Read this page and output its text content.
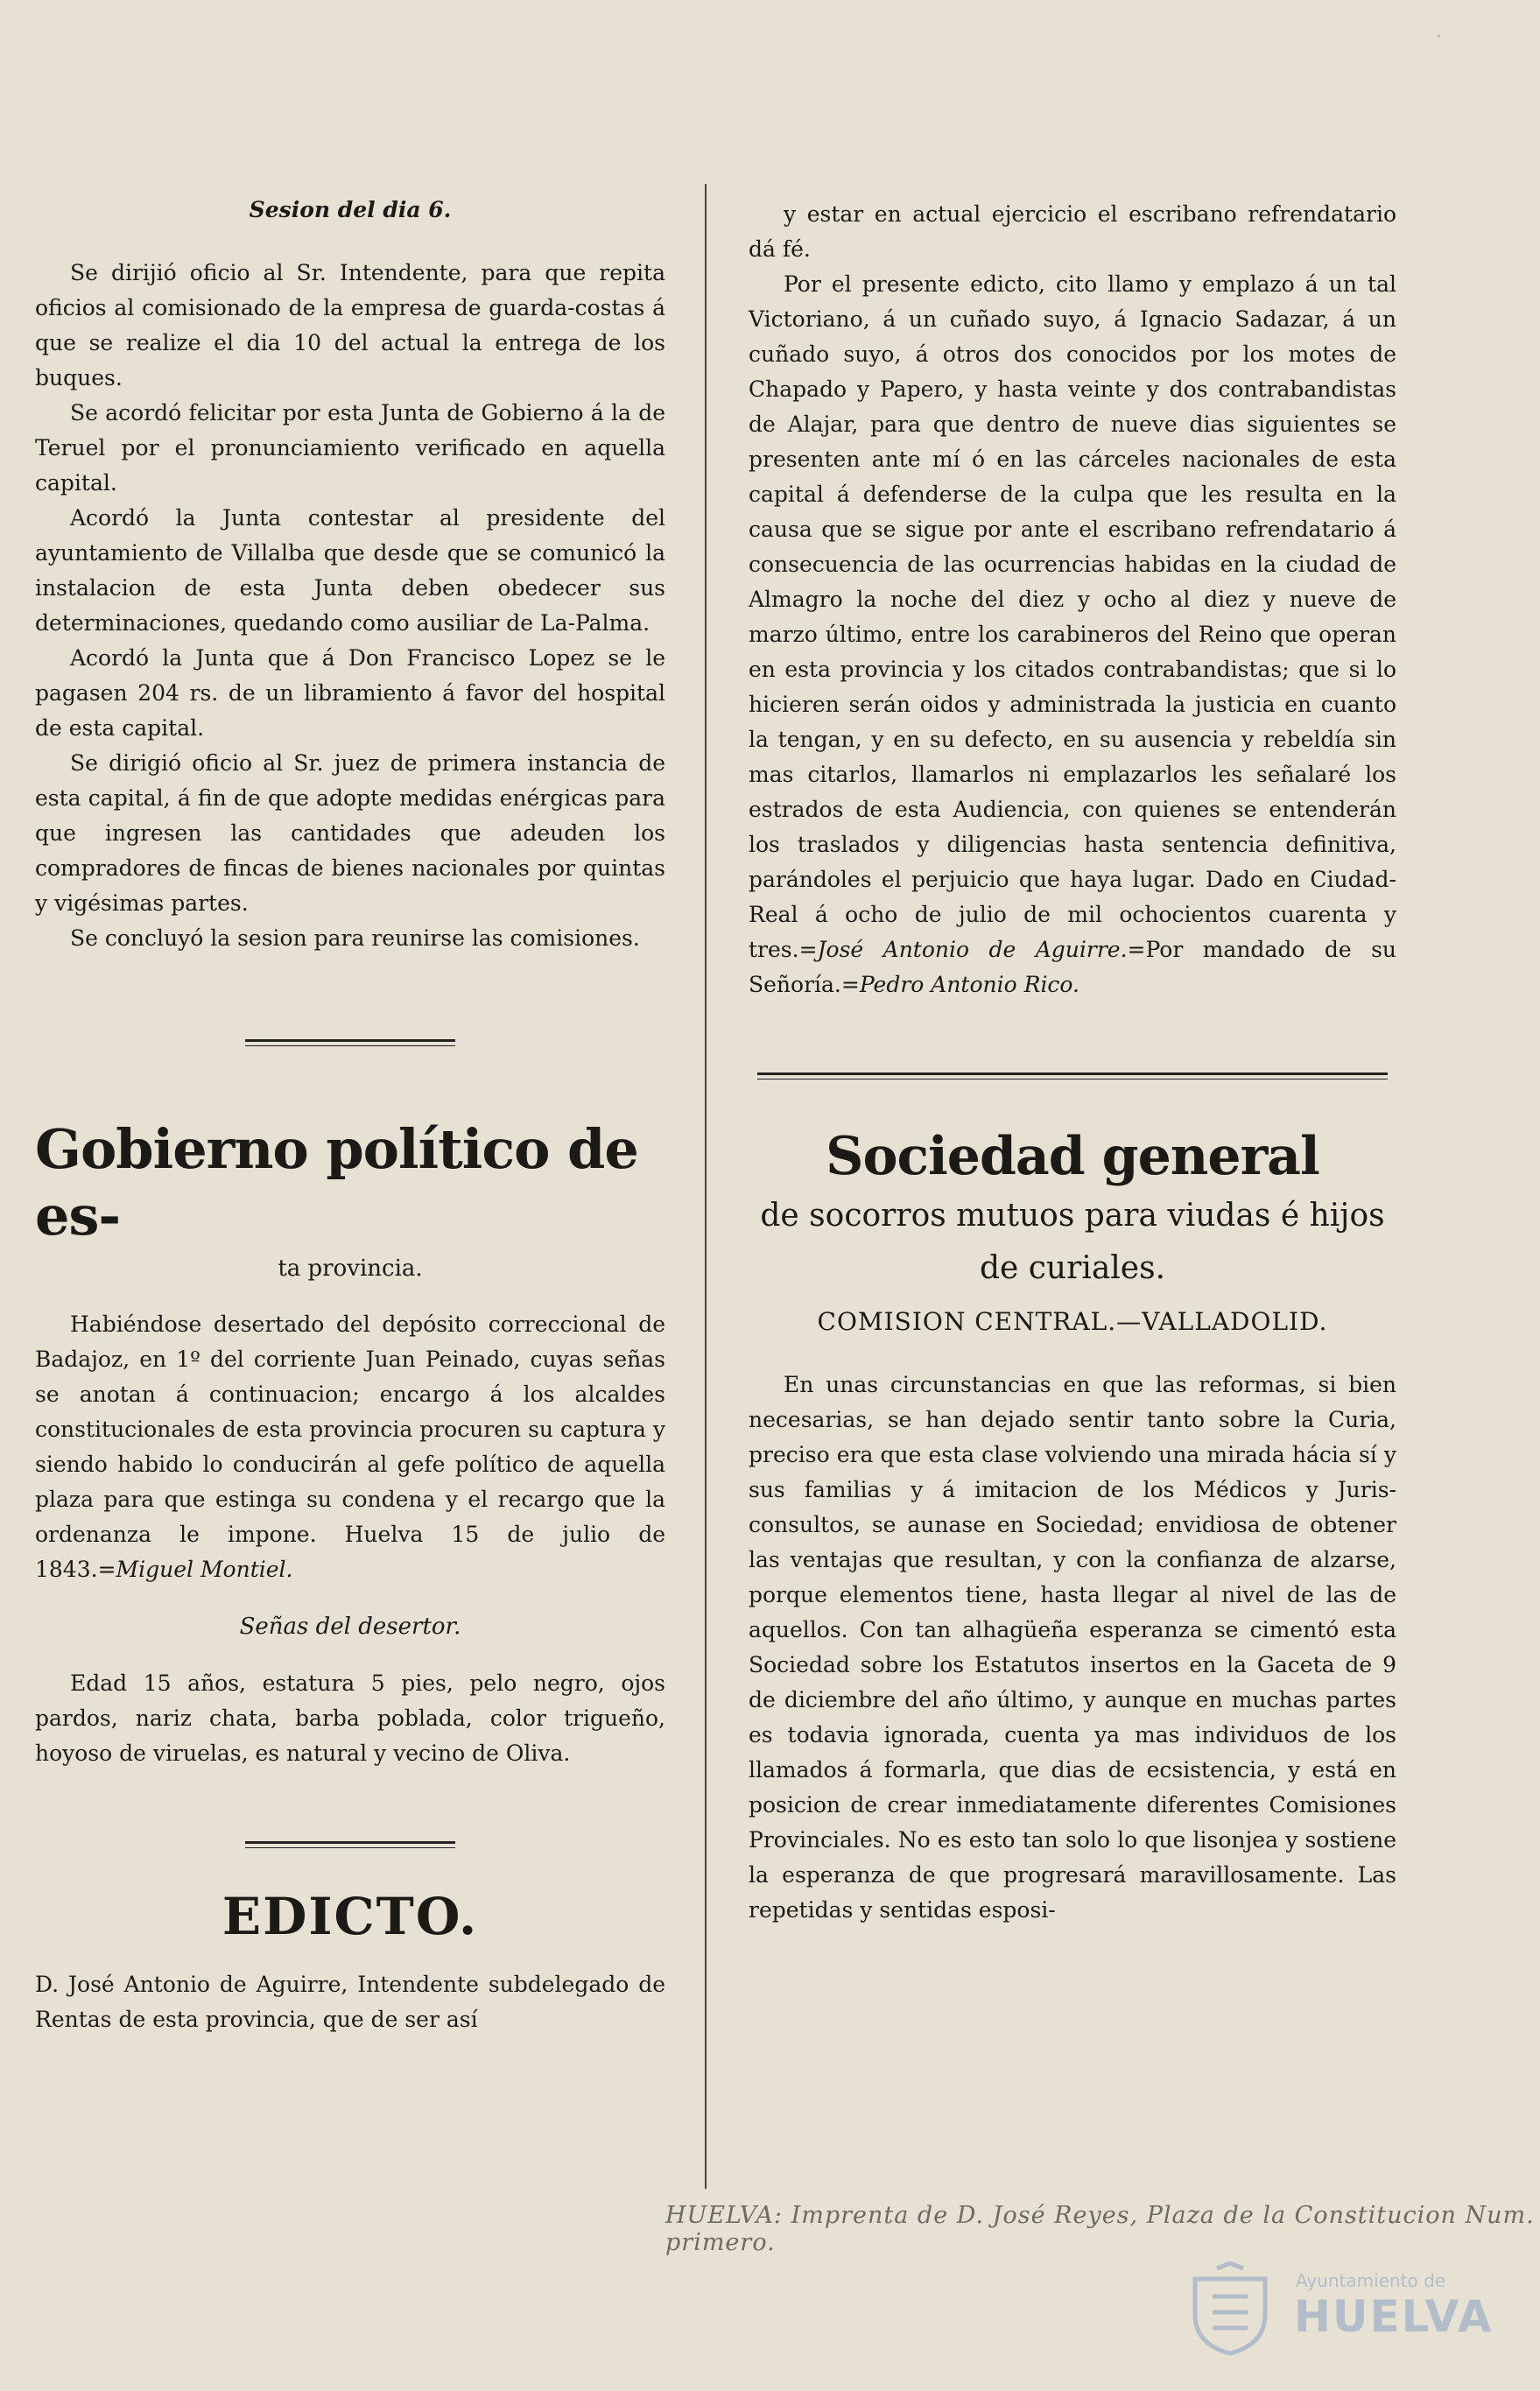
·
Sesion del dia 6.

Se dirijió oficio al Sr. Intendente, para que repita oficios al comisionado de la empresa de guarda-costas á que se realize el dia 10 del actual la entrega de los buques.

Se acordó felicitar por esta Junta de Gobierno á la de Teruel por el pronunciamiento verificado en aquella capital.

Acordó la Junta contestar al presidente del ayuntamiento de Villalba que desde que se comunicó la instalacion de esta Junta deben obedecer sus determinaciones, quedando como ausiliar de La-Palma.

Acordó la Junta que á Don Francisco Lopez se le pagasen 204 rs. de un libramiento á favor del hospital de esta capital.

Se dirigió oficio al Sr. juez de primera instancia de esta capital, á fin de que adopte medidas enérgicas para que ingresen las cantidades que adeuden los compradores de fincas de bienes nacionales por quintas y vigésimas partes.

Se concluyó la sesion para reunirse las comisiones.

Gobierno político de es-
ta provincia.

Habiéndose desertado del depósito correccional de Badajoz, en 1º del corriente Juan Peinado, cuyas señas se anotan á continuacion; encargo á los alcaldes constitucionales de esta provincia procuren su captura y siendo habido lo conducirán al gefe político de aquella plaza para que estinga su condena y el recargo que la ordenanza le impone. Huelva 15 de julio de 1843.=Miguel Montiel.

Señas del desertor.

Edad 15 años, estatura 5 pies, pelo negro, ojos pardos, nariz chata, barba poblada, color trigueño, hoyoso de viruelas, es natural y vecino de Oliva.

EDICTO.

D. José Antonio de Aguirre, Intendente subdelegado de Rentas de esta provincia, que de ser así

y estar en actual ejercicio el escribano refrendatario dá fé.

Por el presente edicto, cito llamo y emplazo á un tal Victoriano, á un cuñado suyo, á Ignacio Sadazar, á un cuñado suyo, á otros dos conocidos por los motes de Chapado y Papero, y hasta veinte y dos contrabandistas de Alajar, para que dentro de nueve dias siguientes se presenten ante mí ó en las cárceles nacionales de esta capital á defenderse de la culpa que les resulta en la causa que se sigue por ante el escribano refrendatario á consecuencia de las ocurrencias habidas en la ciudad de Almagro la noche del diez y ocho al diez y nueve de marzo último, entre los carabineros del Reino que operan en esta provincia y los citados contrabandistas; que si lo hicieren serán oidos y administrada la justicia en cuanto la tengan, y en su defecto, en su ausencia y rebeldía sin mas citarlos, llamarlos ni emplazarlos les señalaré los estrados de esta Audiencia, con quienes se entenderán los traslados y diligencias hasta sentencia definitiva, parándoles el perjuicio que haya lugar. Dado en Ciudad-Real á ocho de julio de mil ochocientos cuarenta y tres.=José Antonio de Aguirre.=Por mandado de su Señoría.=Pedro Antonio Rico.

Sociedad general
de socorros mutuos para viudas é hijos de curiales.
COMISION CENTRAL.—VALLADOLID.

En unas circunstancias en que las reformas, si bien necesarias, se han dejado sentir tanto sobre la Curia, preciso era que esta clase volviendo una mirada hácia sí y sus familias y á imitacion de los Médicos y Juris-consultos, se aunase en Sociedad; envidiosa de obtener las ventajas que resultan, y con la confianza de alzarse, porque elementos tiene, hasta llegar al nivel de las de aquellos. Con tan alhagüeña esperanza se cimentó esta Sociedad sobre los Estatutos insertos en la Gaceta de 9 de diciembre del año último, y aunque en muchas partes es todavia ignorada, cuenta ya mas individuos de los llamados á formarla, que dias de ecsistencia, y está en posicion de crear inmediatamente diferentes Comisiones Provinciales. No es esto tan solo lo que lisonjea y sostiene la esperanza de que progresará maravillosamente. Las repetidas y sentidas esposi-

HUELVA: Imprenta de D. José Reyes, Plaza de la Constitucion Num. primero.
Ayuntamiento de
HUELVA
